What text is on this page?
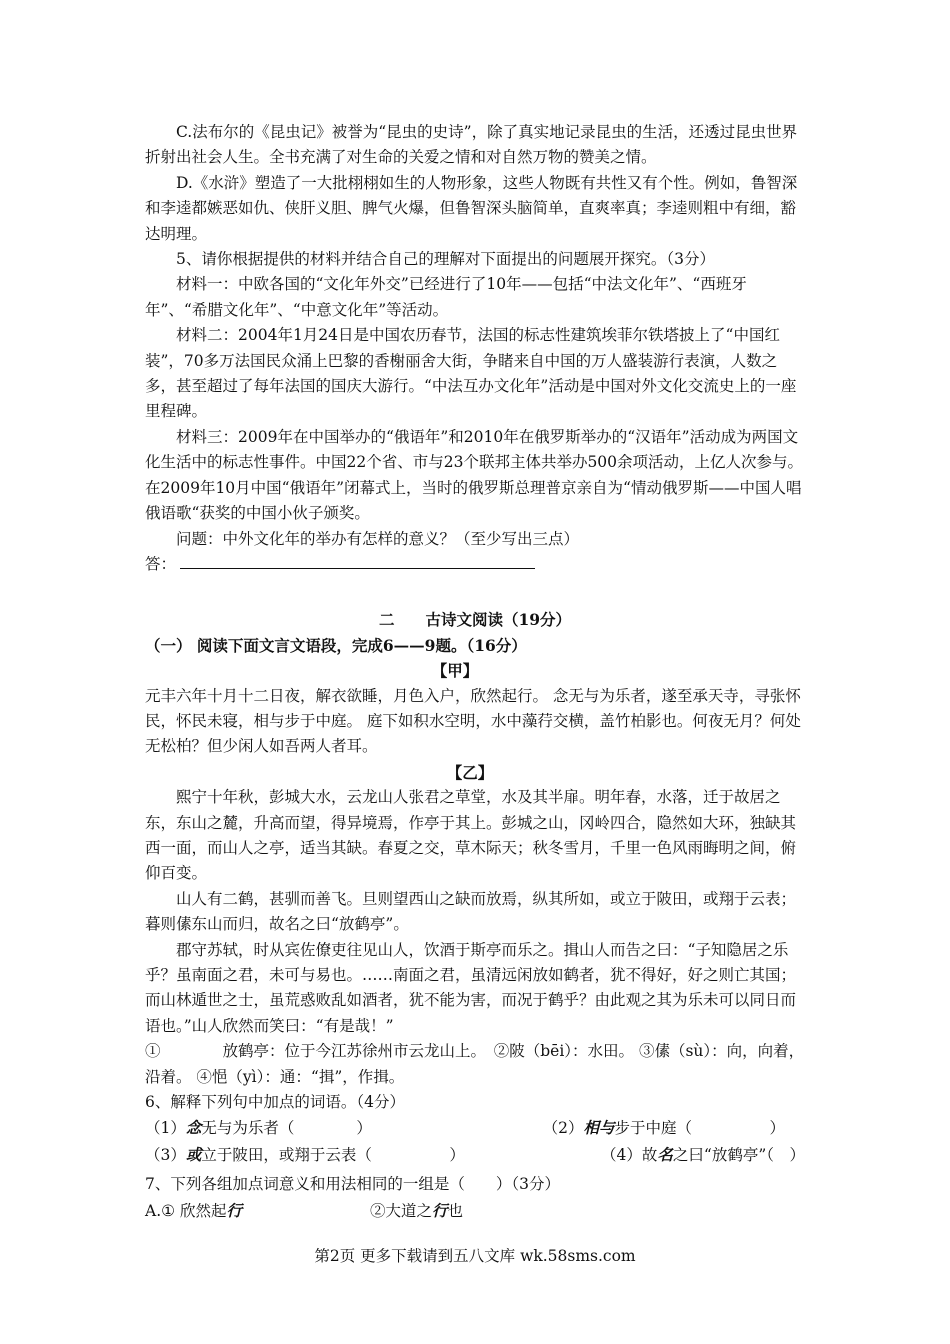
C.法布尔的《昆虫记》被誉为“昆虫的史诗”，除了真实地记录昆虫的生活，还透过昆虫世界折射出社会人生。全书充满了对生命的关爱之情和对自然万物的赞美之情。

D.《水浒》塑造了一大批栩栩如生的人物形象，这些人物既有共性又有个性。例如，鲁智深和李逵都嫉恶如仇、侠肝义胆、脾气火爆，但鲁智深头脑简单，直爽率真；李逵则粗中有细，豁达明理。

5、请你根据提供的材料并结合自己的理解对下面提出的问题展开探究。（3分）

材料一：中欧各国的“文化年外交”已经进行了10年——包括“中法文化年”、“西班牙年”、“希腊文化年”、“中意文化年”等活动。

材料二：2004年1月24日是中国农历春节，法国的标志性建筑埃菲尔铁塔披上了“中国红装”，70多万法国民众涌上巴黎的香榭丽舍大街，争睹来自中国的万人盛装游行表演，人数之多，甚至超过了每年法国的国庆大游行。“中法互办文化年”活动是中国对外文化交流史上的一座里程碑。

材料三：2009年在中国举办的“俄语年”和2010年在俄罗斯举办的“汉语年”活动成为两国文化生活中的标志性事件。中国22个省、市与23个联邦主体共举办500余项活动，上亿人次参与。在2009年10月中国“俄语年”闭幕式上，当时的俄罗斯总理普京亲自为“情动俄罗斯——中国人唱俄语歌“获奖的中国小伙子颁奖。

问题：中外文化年的举办有怎样的意义？（至少写出三点）

答：

二　　古诗文阅读（19分）

（一） 阅读下面文言文语段，完成6——9题。（16分）

【甲】

元丰六年十月十二日夜，解衣欲睡，月色入户，欣然起行。 念无与为乐者，遂至承天寺，寻张怀民，怀民未寝，相与步于中庭。 庭下如积水空明，水中藻荇交横，盖竹柏影也。何夜无月？何处无松柏？但少闲人如吾两人者耳。

【乙】

熙宁十年秋，彭城大水，云龙山人张君之草堂，水及其半扉。明年春，水落，迁于故居之东，东山之麓，升高而望，得异境焉，作亭于其上。彭城之山，冈岭四合，隐然如大环，独缺其西一面，而山人之亭，适当其缺。春夏之交，草木际天；秋冬雪月，千里一色风雨晦明之间，俯仰百变。

山人有二鹤，甚驯而善飞。旦则望西山之缺而放焉，纵其所如，或立于陂田，或翔于云表；暮则傃东山而归，故名之曰“放鹤亭”。

郡守苏轼，时从宾佐僚吏往见山人，饮酒于斯亭而乐之。揖山人而告之曰：“子知隐居之乐乎？虽南面之君，未可与易也。……南面之君，虽清远闲放如鹤者，犹不得好，好之则亡其国；而山林遁世之士，虽荒惑败乱如酒者，犹不能为害，而况于鹤乎？由此观之其为乐未可以同日而语也。”山人欣然而笑曰：“有是哉！”

①　　　　放鹤亭：位于今江苏徐州市云龙山上。　②陂（bēi）：水田。 ③傃（sù）：向，向着，沿着。 ④悒（yì）：通：“揖”，作揖。

6、解释下列句中加点的词语。（4分）

（1）念无与为乐者（　　　　）	（2）相与步于中庭（　　　　　）
（3）或立于陂田，或翔于云表（　　　　　）	（4）故名之曰“放鹤亭”（　）

7、下列各组加点词意义和用法相同的一组是（　　）（3分）

A.① 欣然起行	②大道之行也
第2页 更多下载请到五八文库 wk.58sms.com
